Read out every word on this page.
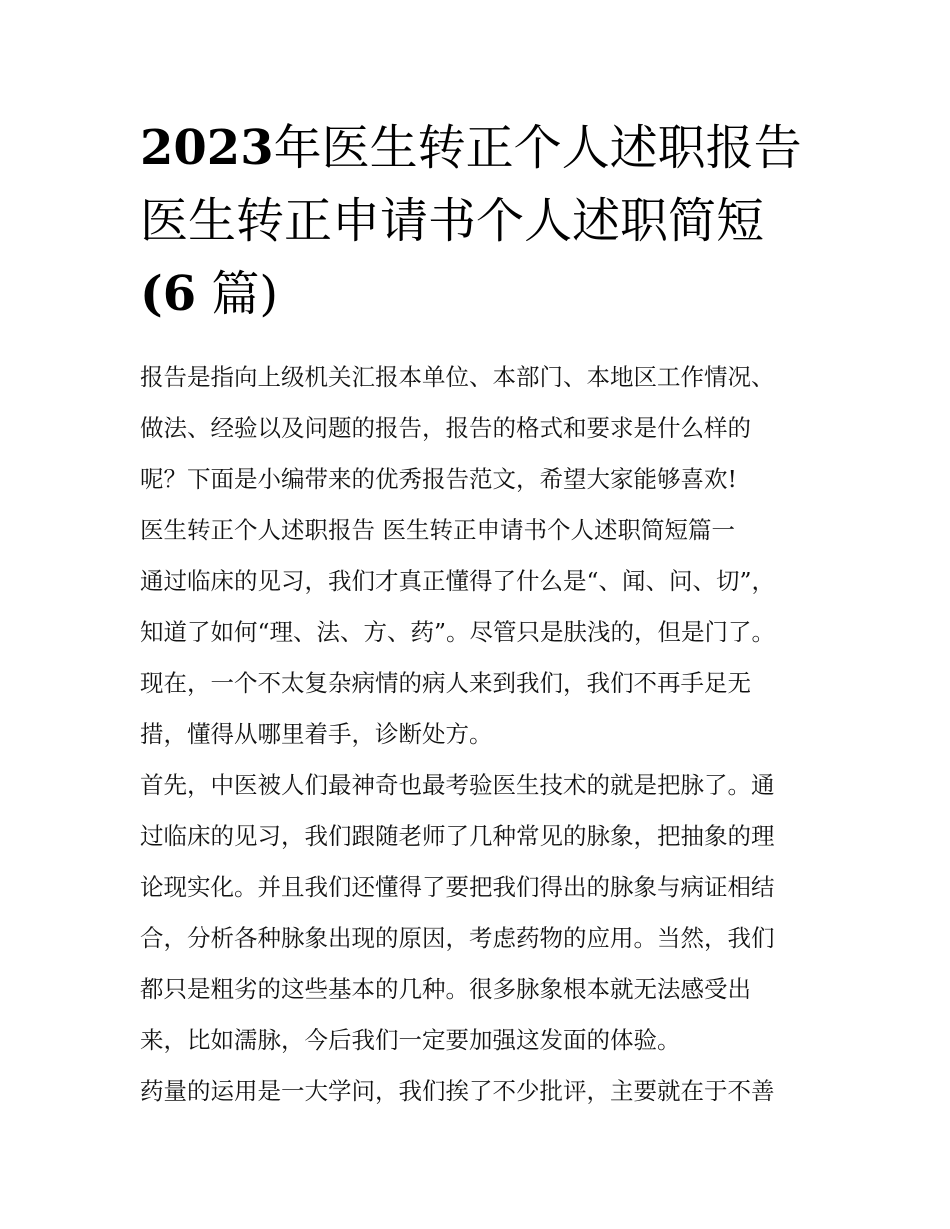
2023年医生转正个人述职报告
医生转正申请书个人述职简短
(6 篇)
报告是指向上级机关汇报本单位、本部门、本地区工作情况、
做法、经验以及问题的报告，报告的格式和要求是什么样的
呢？下面是小编带来的优秀报告范文，希望大家能够喜欢!
医生转正个人述职报告 医生转正申请书个人述职简短篇一
通过临床的见习，我们才真正懂得了什么是“、闻、问、切”，
知道了如何“理、法、方、药”。尽管只是肤浅的，但是门了。
现在，一个不太复杂病情的病人来到我们，我们不再手足无
措，懂得从哪里着手，诊断处方。
首先，中医被人们最神奇也最考验医生技术的就是把脉了。通
过临床的见习，我们跟随老师了几种常见的脉象，把抽象的理
论现实化。并且我们还懂得了要把我们得出的脉象与病证相结
合，分析各种脉象出现的原因，考虑药物的应用。当然，我们
都只是粗劣的这些基本的几种。很多脉象根本就无法感受出
来，比如濡脉，今后我们一定要加强这发面的体验。
药量的运用是一大学问，我们挨了不少批评，主要就在于不善
